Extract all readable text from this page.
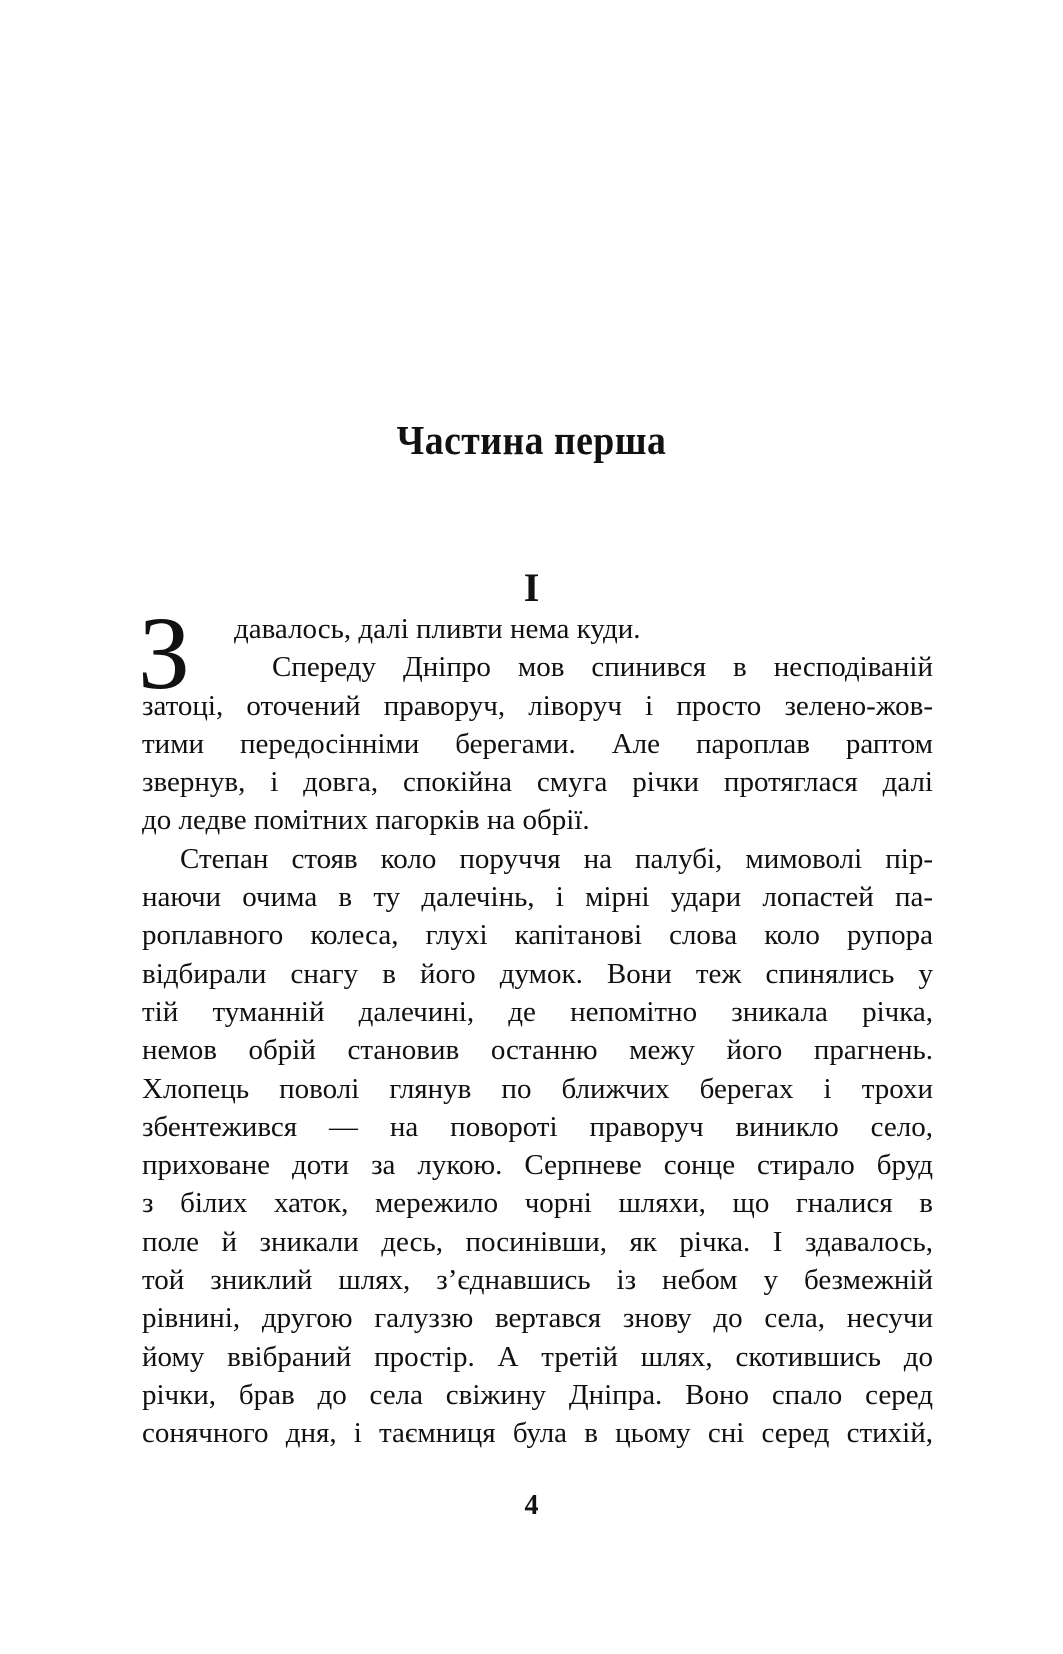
Частина перша
I
З	давалось, далі пливти нема куди.
Спереду Дніпро мов спинився в несподіваній
затоці, оточений праворуч, ліворуч і просто зелено-жов-
тими передосінніми берегами. Але пароплав раптом
звернув, і довга, спокійна смуга річки протяглася далі
до ледве помітних пагорків на обрії.
Степан стояв коло поруччя на палубі, мимоволі пір-
наючи очима в ту далечінь, і мірні удари лопастей па-
роплавного колеса, глухі капітанові слова коло рупора
відбирали снагу в його думок. Вони теж спинялись у
тій туманній далечині, де непомітно зникала річка,
немов обрій становив останню межу його прагнень.
Хлопець поволі глянув по ближчих берегах і трохи
збентежився — на повороті праворуч виникло село,
приховане доти за лукою. Серпневе сонце стирало бруд
з білих хаток, мережило чорні шляхи, що гналися в
поле й зникали десь, посинівши, як річка. І здавалось,
той зниклий шлях, з’єднавшись із небом у безмежній
рівнині, другою галуззю вертався знову до села, несучи
йому ввібраний простір. А третій шлях, скотившись до
річки, брав до села свіжину Дніпра. Воно спало серед
сонячного дня, і таємниця була в цьому сні серед стихій,
4
